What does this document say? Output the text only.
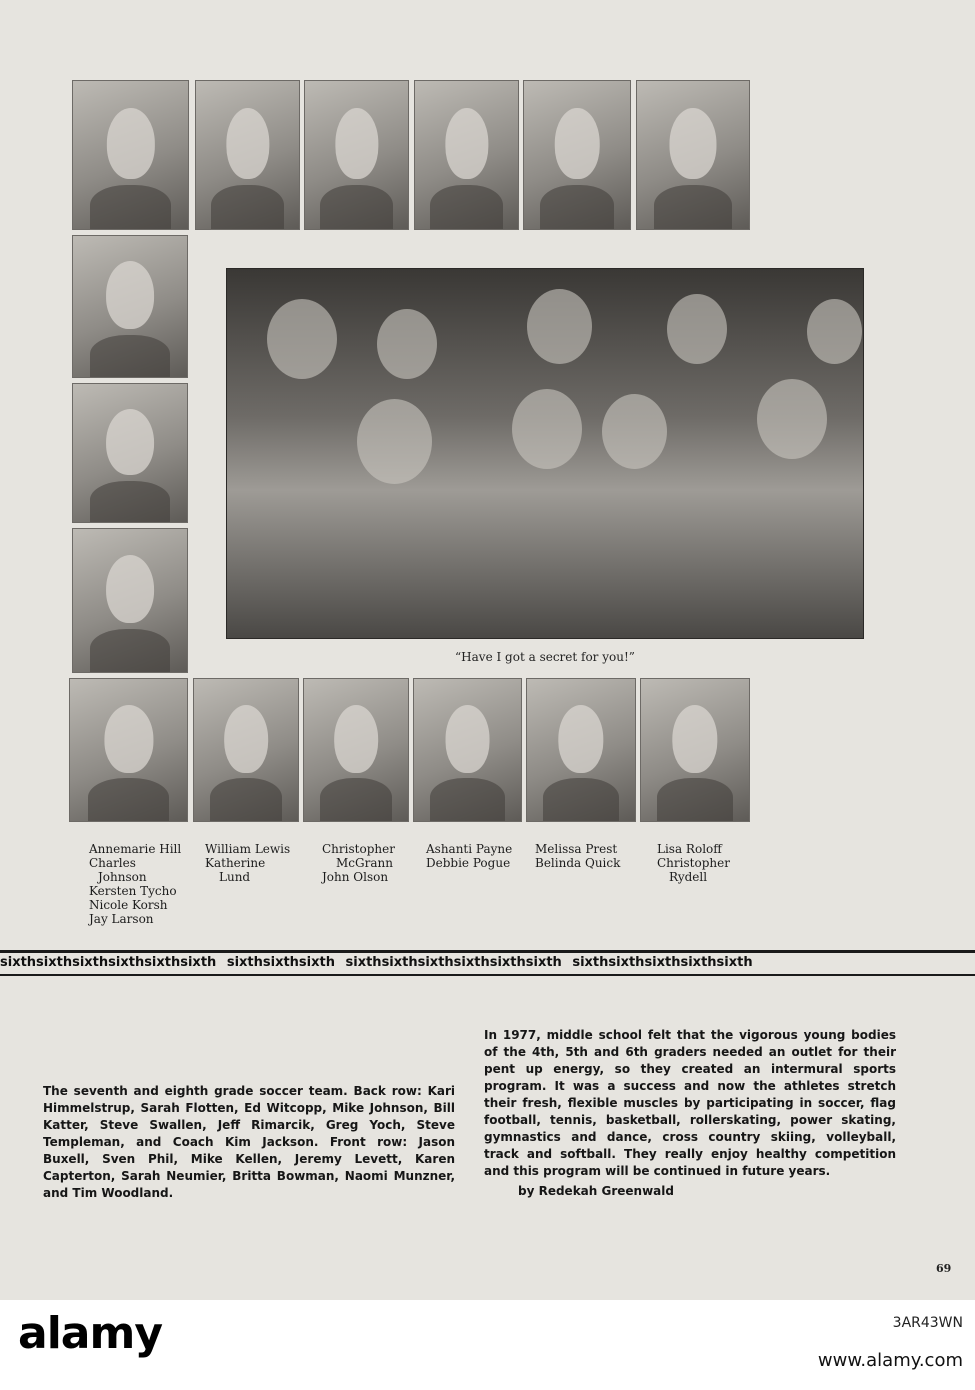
“Have I got a secret for you!”
Annemarie Hill
Charles
Johnson
Kersten Tycho
Nicole Korsh
Jay Larson
William Lewis
Katherine
Lund
Christopher
McGrann
John Olson
Ashanti Payne
Debbie Pogue
Melissa Prest
Belinda Quick
Lisa Roloff
Christopher
Rydell
sixthsixthsixthsixthsixthsixth sixthsixthsixth sixthsixthsixthsixthsixthsixth sixthsixthsixthsixthsixth
The seventh and eighth grade soccer team. Back row: Kari Himmelstrup, Sarah Flotten, Ed Witcopp, Mike Johnson, Bill Katter, Steve Swallen, Jeff Rimarcik, Greg Yoch, Steve Templeman, and Coach Kim Jackson. Front row: Jason Buxell, Sven Phil, Mike Kellen, Jeremy Levett, Karen Capterton, Sarah Neumier, Britta Bowman, Naomi Munzner, and Tim Woodland.
In 1977, middle school felt that the vigorous young bodies of the 4th, 5th and 6th graders needed an outlet for their pent up energy, so they created an intermural sports program. It was a success and now the athletes stretch their fresh, flexible muscles by participating in soccer, flag football, tennis, basketball, rollerskating, power skating, gymnastics and dance, cross country skiing, volleyball, track and softball. They really enjoy healthy competition and this program will be continued in future years.
by Redekah Greenwald
69
alamy	3AR43WN
www.alamy.com
